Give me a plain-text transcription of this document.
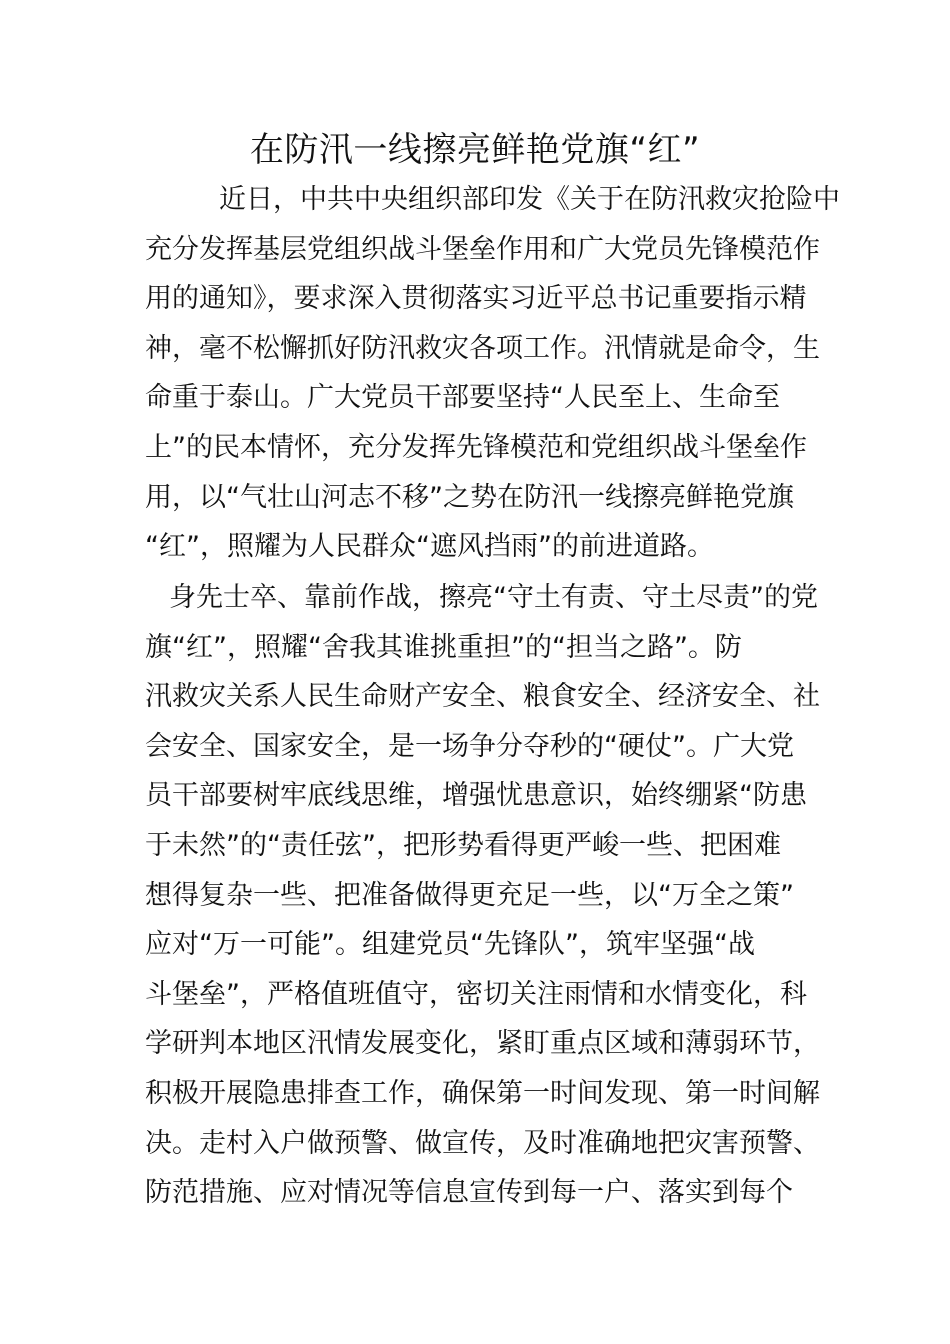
在防汛一线擦亮鲜艳党旗“红”
近日，中共中央组织部印发《关于在防汛救灾抢险中
充分发挥基层党组织战斗堡垒作用和广大党员先锋模范作
用的通知》，要求深入贯彻落实习近平总书记重要指示精
神，毫不松懈抓好防汛救灾各项工作。汛情就是命令，生
命重于泰山。广大党员干部要坚持“人民至上、生命至
上”的民本情怀，充分发挥先锋模范和党组织战斗堡垒作
用，以“气壮山河志不移”之势在防汛一线擦亮鲜艳党旗
“红”，照耀为人民群众“遮风挡雨”的前进道路。
身先士卒、靠前作战，擦亮“守土有责、守土尽责”的党
旗“红”，照耀“舍我其谁挑重担”的“担当之路”。防
汛救灾关系人民生命财产安全、粮食安全、经济安全、社
会安全、国家安全，是一场争分夺秒的“硬仗”。广大党
员干部要树牢底线思维，增强忧患意识，始终绷紧“防患
于未然”的“责任弦”，把形势看得更严峻一些、把困难
想得复杂一些、把准备做得更充足一些，以“万全之策”
应对“万一可能”。组建党员“先锋队”，筑牢坚强“战
斗堡垒”，严格值班值守，密切关注雨情和水情变化，科
学研判本地区汛情发展变化，紧盯重点区域和薄弱环节，
积极开展隐患排查工作，确保第一时间发现、第一时间解
决。走村入户做预警、做宣传，及时准确地把灾害预警、
防范措施、应对情况等信息宣传到每一户、落实到每个
